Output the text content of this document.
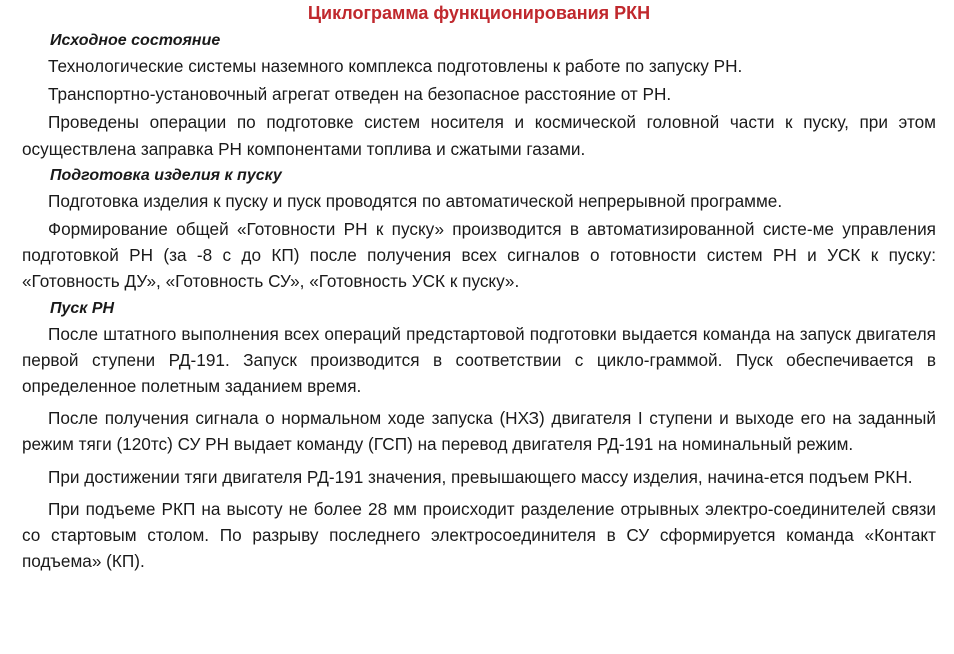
Циклограмма функционирования РКН
Исходное состояние

Технологические системы наземного комплекса подготовлены к работе по запуску РН.

Транспортно-установочный агрегат отведен на безопасное расстояние от РН.

Проведены операции по подготовке систем носителя и космической головной части к пуску, при этом осуществлена заправка РН компонентами топлива и сжатыми газами.

Подготовка изделия к пуску

Подготовка изделия к пуску и пуск проводятся по автоматической непрерывной программе.

Формирование общей «Готовности РН к пуску» производится в автоматизированной систе-ме управления подготовкой РН (за -8 с до КП) после получения всех сигналов о готовности систем РН и УСК к пуску: «Готовность ДУ», «Готовность СУ», «Готовность УСК к пуску».

Пуск РН

После штатного выполнения всех операций предстартовой подготовки выдается команда на запуск двигателя первой ступени РД-191. Запуск производится в соответствии с цикло-граммой. Пуск обеспечивается в определенное полетным заданием время.

После получения сигнала о нормальном ходе запуска (НХЗ) двигателя I ступени и выходе его на заданный режим тяги (120тс) СУ РН выдает команду (ГСП) на перевод двигателя РД-191 на номинальный режим.

При достижении тяги двигателя РД-191 значения, превышающего массу изделия, начина-ется подъем РКН.

При подъеме РКП на высоту не более 28 мм происходит разделение отрывных электро-соединителей связи со стартовым столом. По разрыву последнего электросоединителя в СУ сформируется команда «Контакт подъема» (КП).
